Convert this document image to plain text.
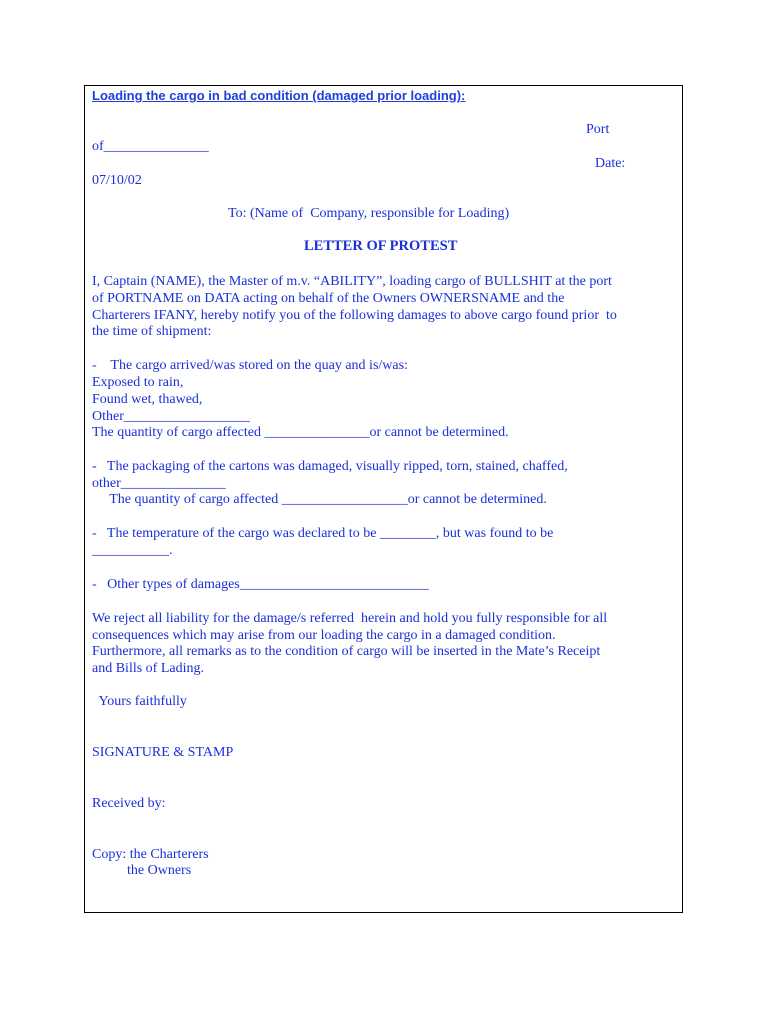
Loading the cargo in bad condition (damaged prior loading):

Port

of_______________

Date:

07/10/02

To: (Name of  Company, responsible for Loading)

LETTER OF PROTEST

I, Captain (NAME), the Master of m.v. “ABILITY”, loading cargo of BULLSHIT at the port

of PORTNAME on DATA acting on behalf of the Owners OWNERSNAME and the

Charterers IFANY, hereby notify you of the following damages to above cargo found prior  to

the time of shipment:

-    The cargo arrived/was stored on the quay and is/was:

Exposed to rain,

Found wet, thawed,

Other__________________

The quantity of cargo affected _______________or cannot be determined.

-   The packaging of the cartons was damaged, visually ripped, torn, stained, chaffed,

other_______________

The quantity of cargo affected __________________or cannot be determined.

-   The temperature of the cargo was declared to be ________, but was found to be

___________.

-   Other types of damages___________________________

We reject all liability for the damage/s referred  herein and hold you fully responsible for all

consequences which may arise from our loading the cargo in a damaged condition.

Furthermore, all remarks as to the condition of cargo will be inserted in the Mate’s Receipt

and Bills of Lading.

Yours faithfully

SIGNATURE & STAMP

Received by:

Copy: the Charterers

the Owners
